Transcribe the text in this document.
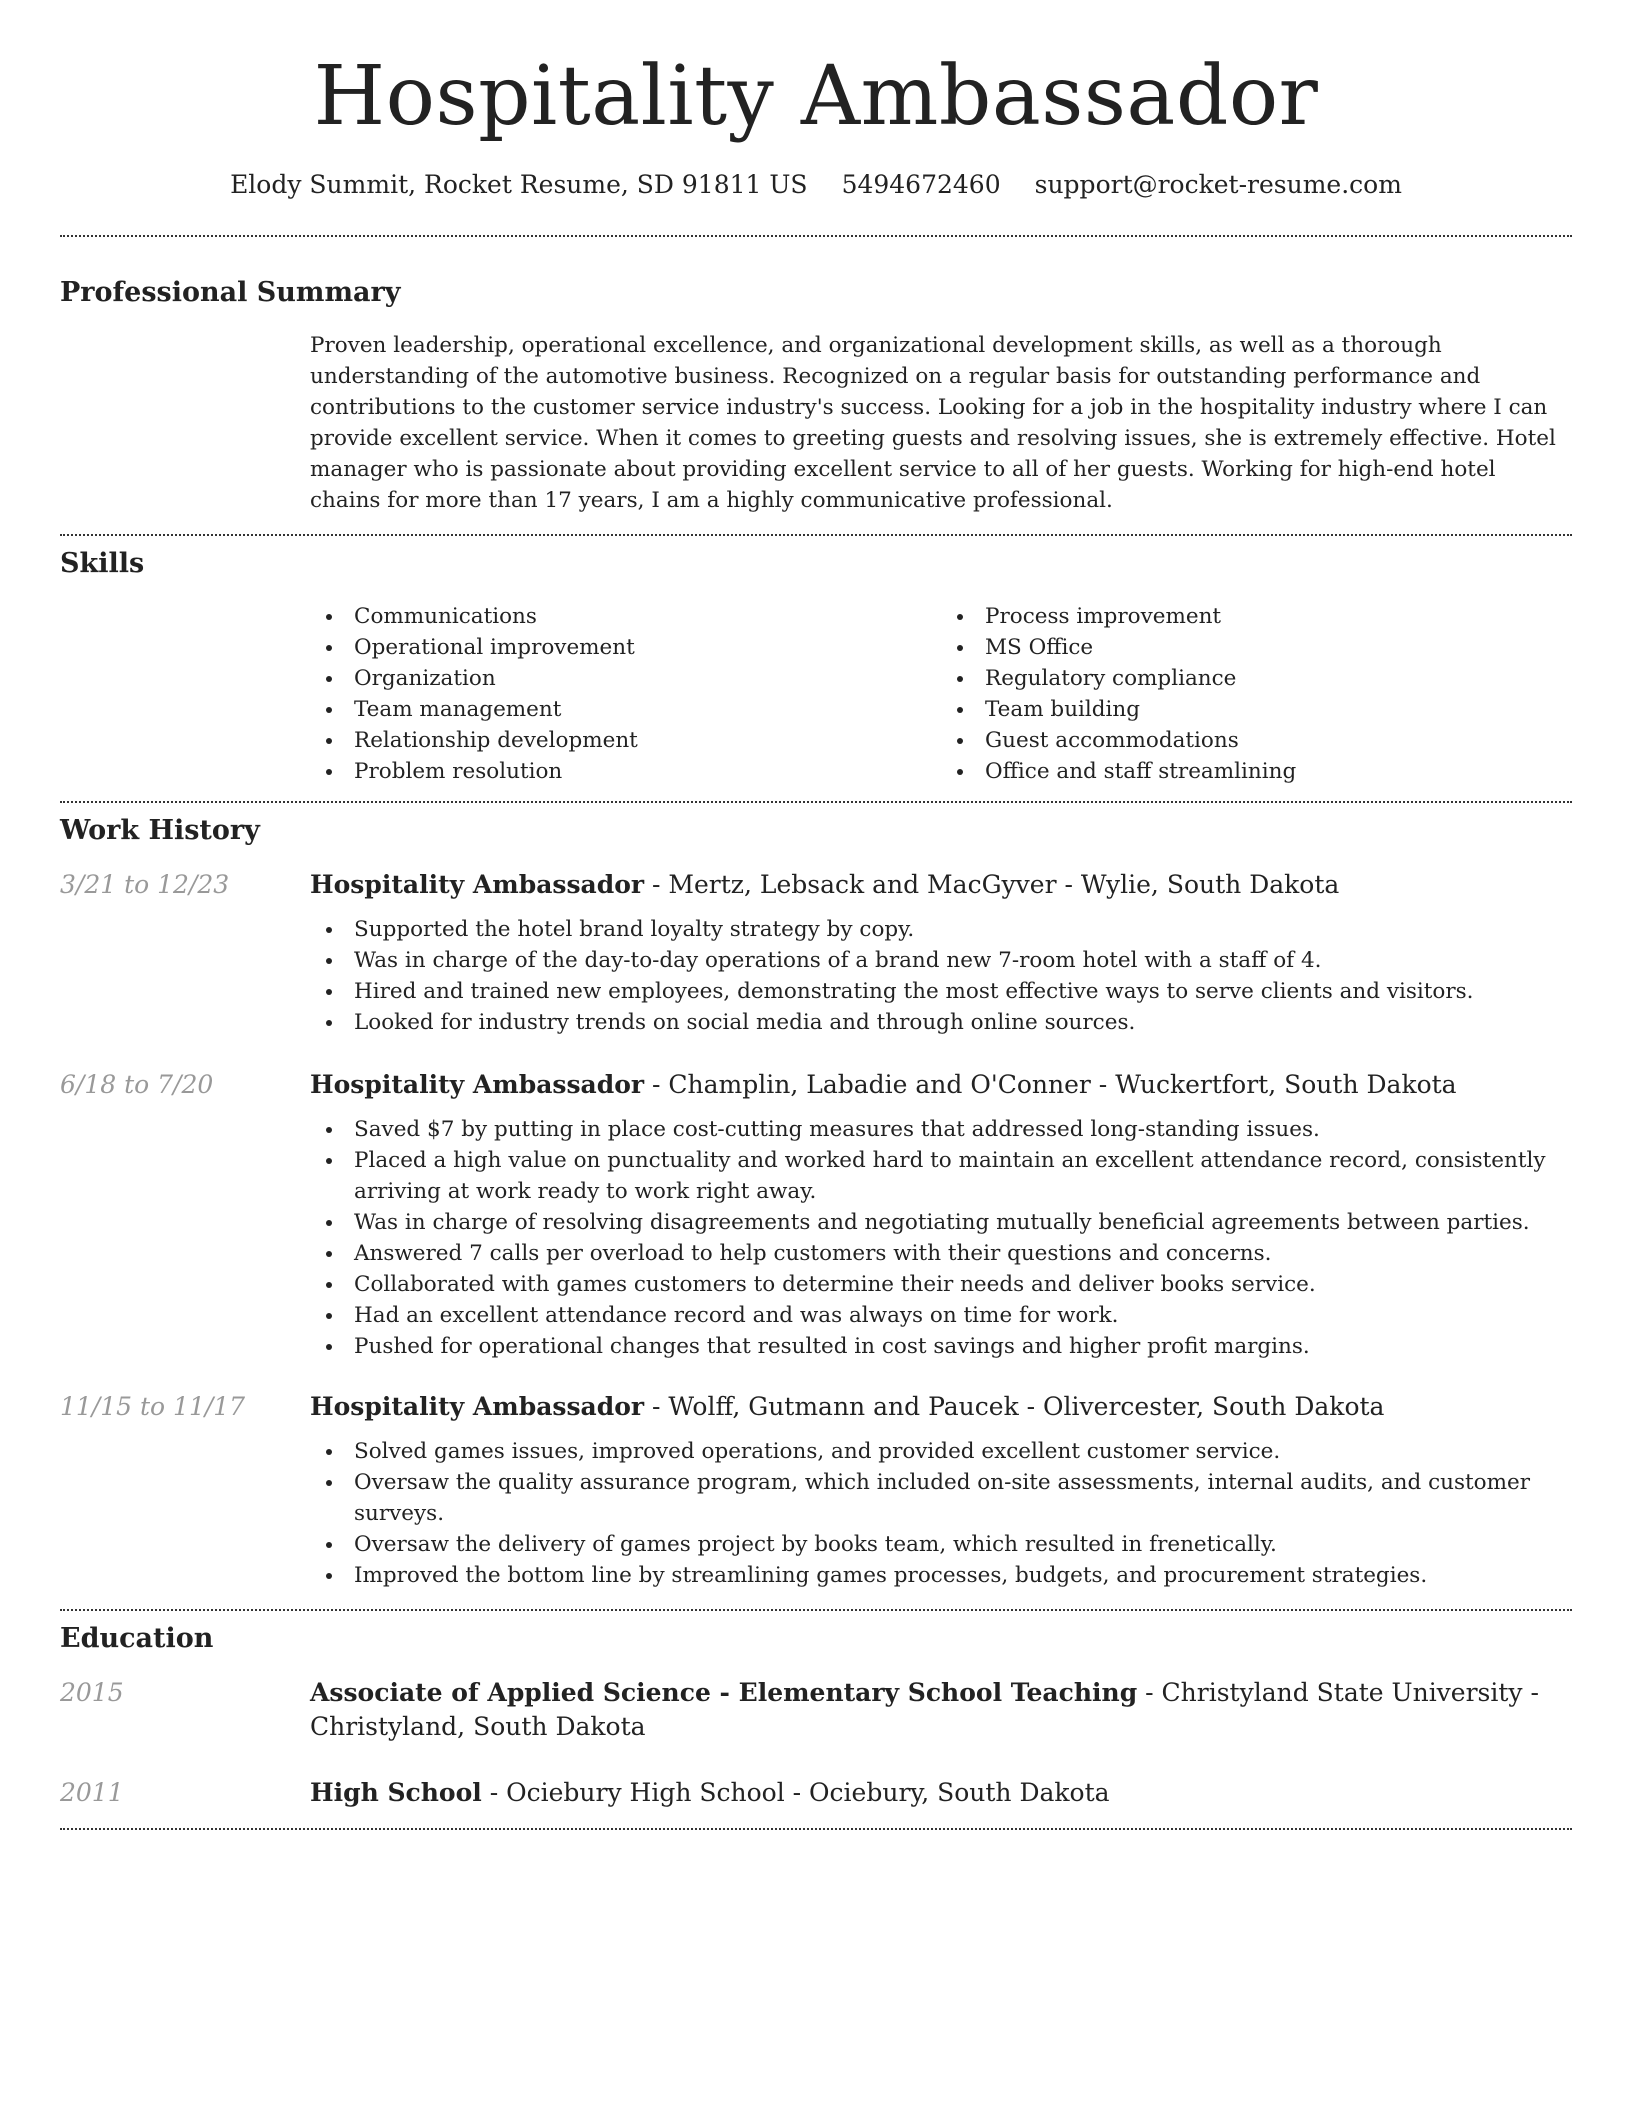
Hospitality Ambassador
Elody Summit, Rocket Resume, SD 91811 US 5494672460 support@rocket-resume.com
Professional Summary

Proven leadership, operational excellence, and organizational development skills, as well as a thorough understanding of the automotive business. Recognized on a regular basis for outstanding performance and contributions to the customer service industry's success. Looking for a job in the hospitality industry where I can provide excellent service. When it comes to greeting guests and resolving issues, she is extremely effective. Hotel manager who is passionate about providing excellent service to all of her guests. Working for high-end hotel chains for more than 17 years, I am a highly communicative professional.

Skills
Communications
Operational improvement
Organization
Team management
Relationship development
Problem resolution
Process improvement
MS Office
Regulatory compliance
Team building
Guest accommodations
Office and staff streamlining
Work History
3/21 to 12/23	Hospitality Ambassador - Mertz, Lebsack and MacGyver - Wylie, South Dakota
Supported the hotel brand loyalty strategy by copy.
Was in charge of the day-to-day operations of a brand new 7-room hotel with a staff of 4.
Hired and trained new employees, demonstrating the most effective ways to serve clients and visitors.
Looked for industry trends on social media and through online sources.
6/18 to 7/20	Hospitality Ambassador - Champlin, Labadie and O'Conner - Wuckertfort, South Dakota
Saved $7 by putting in place cost-cutting measures that addressed long-standing issues.
Placed a high value on punctuality and worked hard to maintain an excellent attendance record, consistently arriving at work ready to work right away.
Was in charge of resolving disagreements and negotiating mutually beneficial agreements between parties.
Answered 7 calls per overload to help customers with their questions and concerns.
Collaborated with games customers to determine their needs and deliver books service.
Had an excellent attendance record and was always on time for work.
Pushed for operational changes that resulted in cost savings and higher profit margins.
11/15 to 11/17	Hospitality Ambassador - Wolff, Gutmann and Paucek - Olivercester, South Dakota
Solved games issues, improved operations, and provided excellent customer service.
Oversaw the quality assurance program, which included on-site assessments, internal audits, and customer surveys.
Oversaw the delivery of games project by books team, which resulted in frenetically.
Improved the bottom line by streamlining games processes, budgets, and procurement strategies.
Education
2015	Associate of Applied Science - Elementary School Teaching - Christyland State University - Christyland, South Dakota
2011	High School - Ociebury High School - Ociebury, South Dakota
